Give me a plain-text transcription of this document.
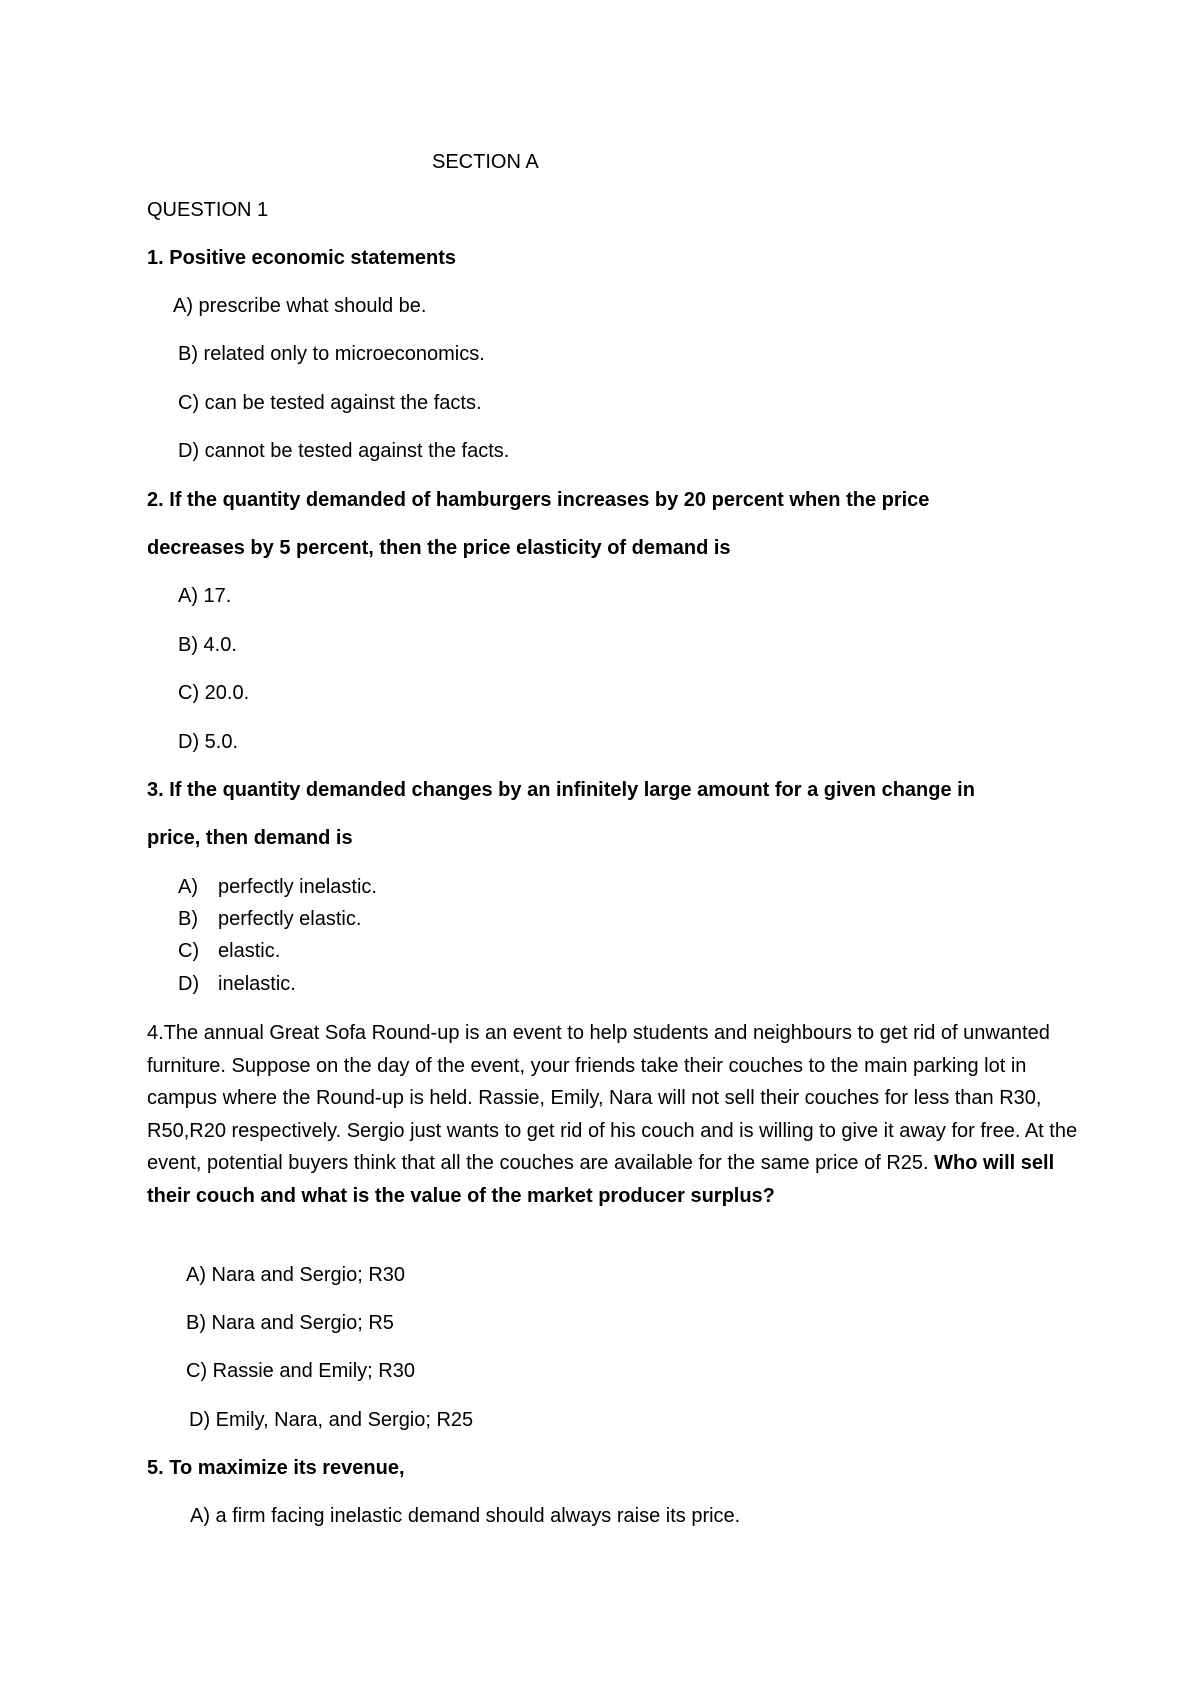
SECTION A
QUESTION 1
1. Positive economic statements
A) prescribe what should be.
B) related only to microeconomics.
C) can be tested against the facts.
D) cannot be tested against the facts.
2. If the quantity demanded of hamburgers increases by 20 percent when the price
decreases by 5 percent, then the price elasticity of demand is
A) 17.
B) 4.0.
C) 20.0.
D) 5.0.
3. If the quantity demanded changes by an infinitely large amount for a given change in
price, then demand is
A) perfectly inelastic.
B) perfectly elastic.
C) elastic.
D) inelastic.
4.The annual Great Sofa Round-up is an event to help students and neighbours to get rid of unwanted furniture. Suppose on the day of the event, your friends take their couches to the main parking lot in campus where the Round-up is held. Rassie, Emily, Nara will not sell their couches for less than R30, R50,R20 respectively. Sergio just wants to get rid of his couch and is willing to give it away for free. At the event, potential buyers think that all the couches are available for the same price of R25. Who will sell their couch and what is the value of the market producer surplus?
A) Nara and Sergio; R30
B) Nara and Sergio; R5
C) Rassie and Emily; R30
D) Emily, Nara, and Sergio; R25
5. To maximize its revenue,
A) a firm facing inelastic demand should always raise its price.
